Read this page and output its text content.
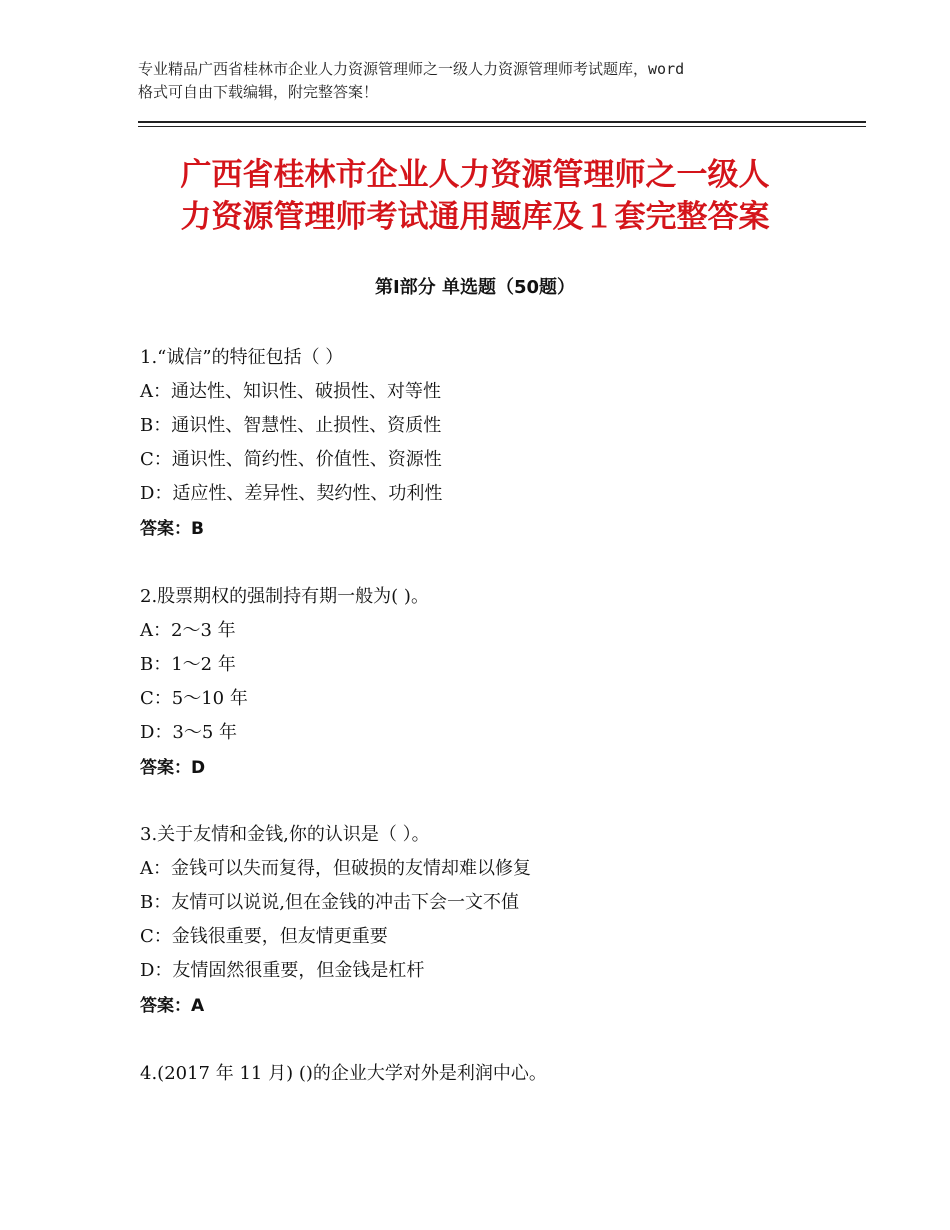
专业精品广西省桂林市企业人力资源管理师之一级人力资源管理师考试题库，word
格式可自由下载编辑，附完整答案！
广西省桂林市企业人力资源管理师之一级人
力资源管理师考试通用题库及１套完整答案
第Ⅰ部分 单选题（50题）
1.“诚信”的特征包括（ ）
A：通达性、知识性、破损性、对等性
B：通识性、智慧性、止损性、资质性
C：通识性、简约性、价值性、资源性
D：适应性、差异性、契约性、功利性
答案：B
2.股票期权的强制持有期一般为( )。
A：2～3 年
B：1～2 年
C：5～10 年
D：3～5 年
答案：D
3.关于友情和金钱,你的认识是（ ）。
A：金钱可以失而复得，但破损的友情却难以修复
B：友情可以说说,但在金钱的冲击下会一文不值
C：金钱很重要，但友情更重要
D：友情固然很重要，但金钱是杠杆
答案：A
4.(2017 年 11 月) ()的企业大学对外是利润中心。
